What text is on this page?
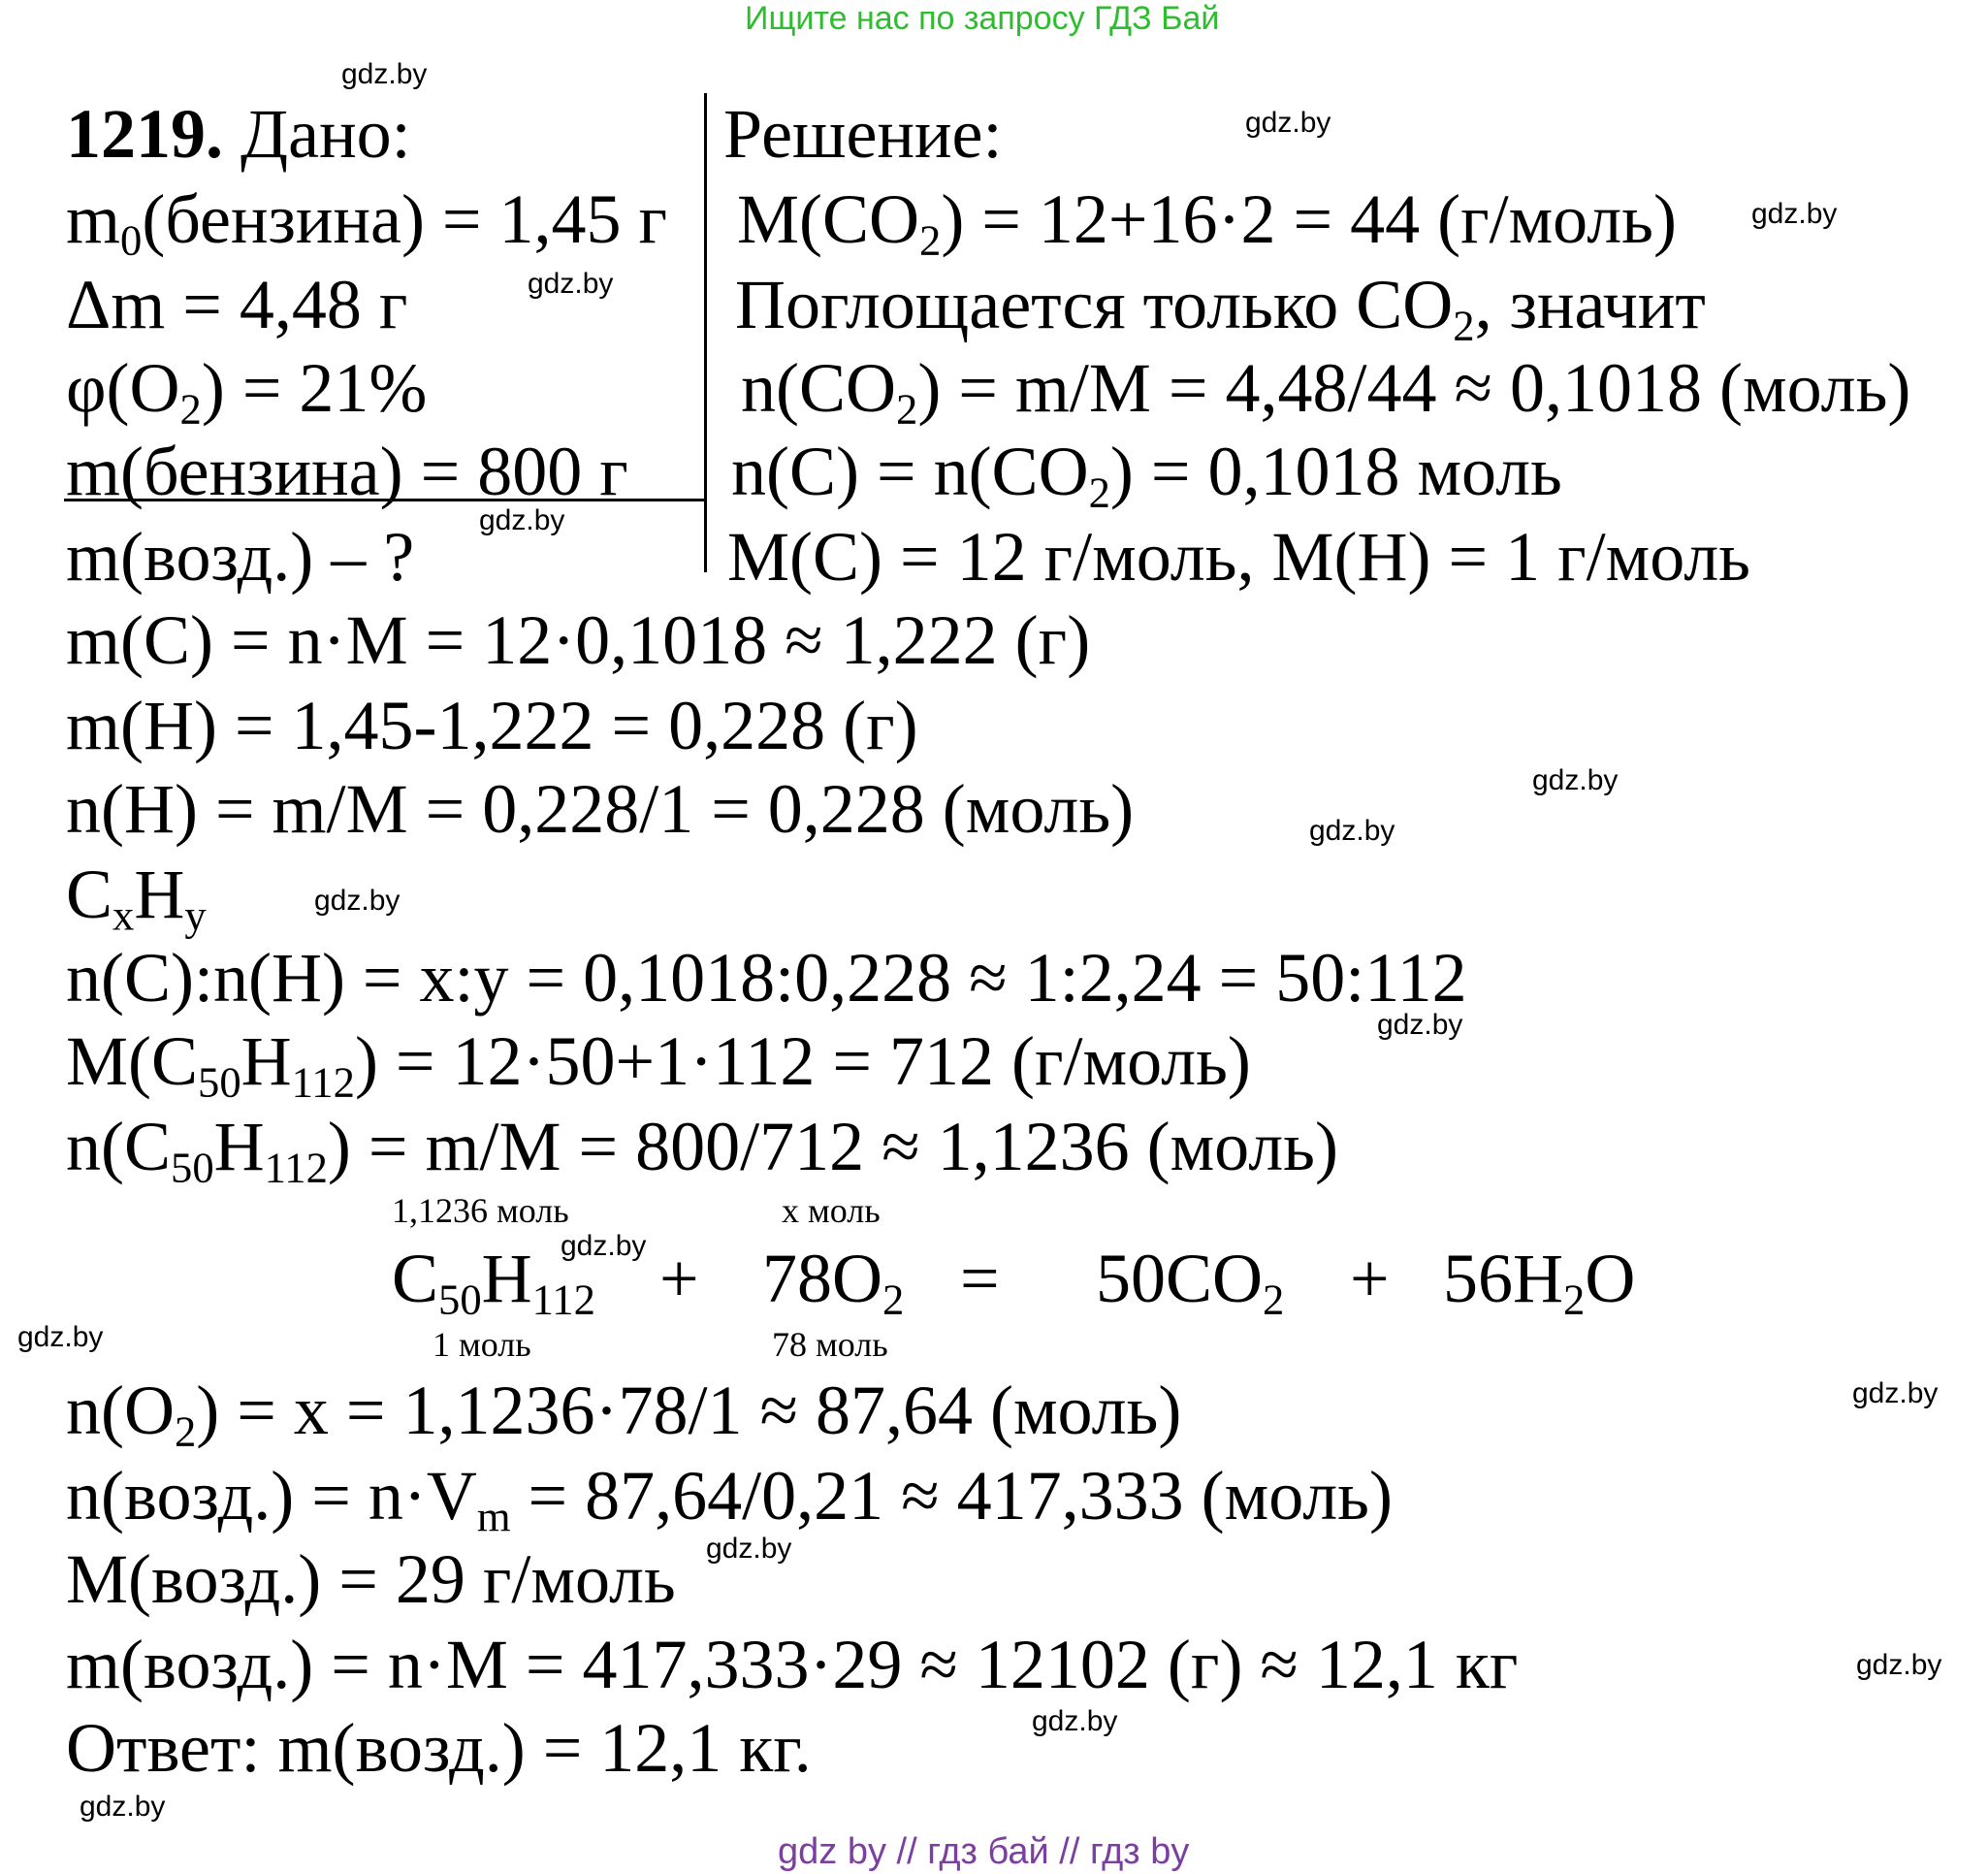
Ищите нас по запросу ГДЗ Бай
1219. Дано:
$m_0(бензина) = 1,45$ г
Δm = 4,48 г
$\varphi(O_2) = 21\%$
m(бензина) = 800 г
m(возд.) – ?
Решение:
$M(CO_2) = 12+16\cdot 2 = 44$ (г/моль)
Поглощается только $CO_2$, значит
$n(CO_2) = m/M = 4,48/44 \approx 0,1018$ (моль)
$n(C) = n(CO_2) = 0,1018$ моль
M(C) = 12 г/моль, M(H) = 1 г/моль
m(C) = n·M = 12·0,1018 ≈ 1,222 (г)
m(H) = 1,45-1,222 = 0,228 (г)
n(H) = m/M = 0,228/1 = 0,228 (моль)
$C_xH_y$
n(C):n(H) = x:y = 0,1018:0,228 ≈ 1:2,24 = 50:112
$M(C_{50}H_{112}) = 12\cdot 50+1\cdot 112 = 712$ (г/моль)
$n(C_{50}H_{112}) = m/M = 800/712 \approx 1,1236$ (моль)
1,1236 моль	x моль
$C_{50}H_{112} + 78O_2 = 50CO_2 + 56H_2O$
1 моль	78 моль
$n(O_2) = x = 1,1236\cdot 78/1 \approx 87,64$ (моль)
n(возд.) = $n\cdot V_m = 87,64/0,21 \approx 417,333$ (моль)
M(возд.) = 29 г/моль
m(возд.) = n·M = 417,333·29 ≈ 12102 (г) ≈ 12,1 кг
Ответ: m(возд.) = 12,1 кг.
gdz.by
gdz.by
gdz.by
gdz.by
gdz.by
gdz.by
gdz.by
gdz.by
gdz.by
gdz.by
gdz.by
gdz.by
gdz.by
gdz.by
gdz.by
gdz.by
gdz by // гдз бай // гдз by
